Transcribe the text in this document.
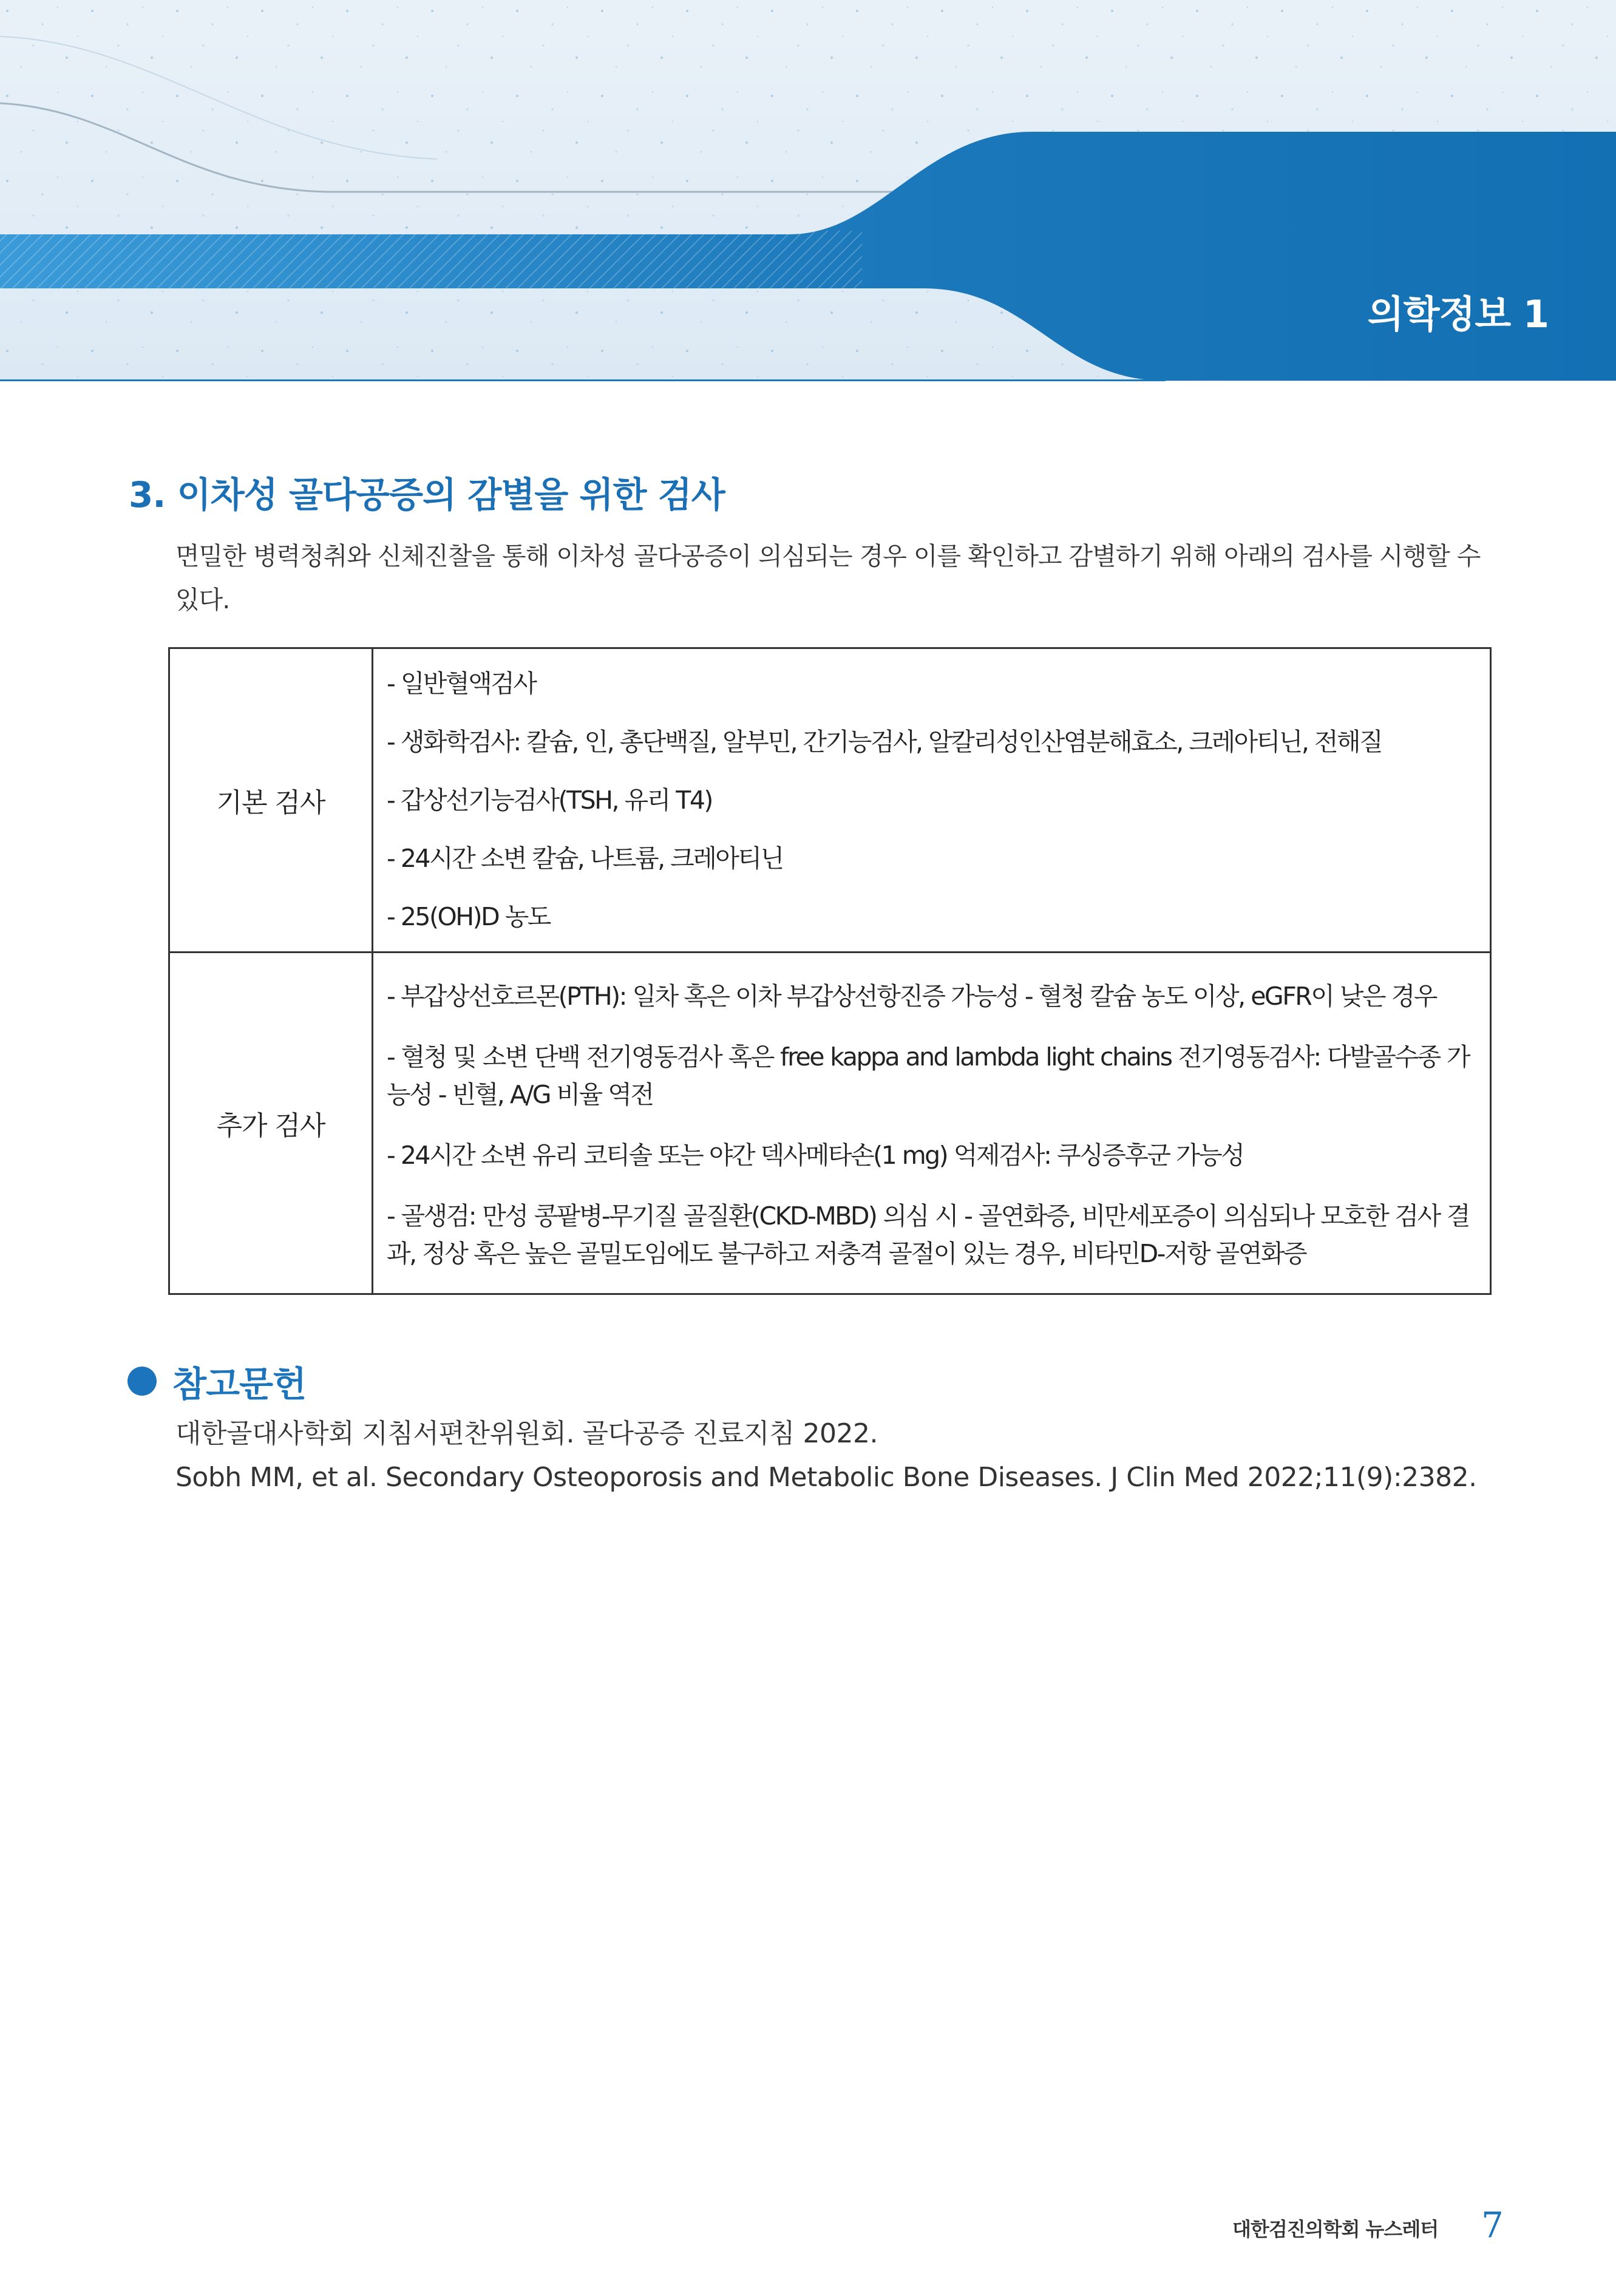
의학정보 1
3. 이차성 골다공증의 감별을 위한 검사

면밀한 병력청취와 신체진찰을 통해 이차성 골다공증이 의심되는 경우 이를 확인하고 감별하기 위해 아래의 검사를 시행할 수 있다.

기본 검사	- 일반혈액검사
- 생화학검사: 칼슘, 인, 총단백질, 알부민, 간기능검사, 알칼리성인산염분해효소, 크레아티닌, 전해질
- 갑상선기능검사(TSH, 유리 T4)
- 24시간 소변 칼슘, 나트륨, 크레아티닌
- 25(OH)D 농도

추가 검사	- 부갑상선호르몬(PTH): 일차 혹은 이차 부갑상선항진증 가능성 - 혈청 칼슘 농도 이상, eGFR이 낮은 경우
- 혈청 및 소변 단백 전기영동검사 혹은 free kappa and lambda light chains 전기영동검사: 다발골수종 가능성 - 빈혈, A/G 비율 역전
- 24시간 소변 유리 코티솔 또는 야간 덱사메타손(1 mg) 억제검사: 쿠싱증후군 가능성
- 골생검: 만성 콩팥병-무기질 골질환(CKD-MBD) 의심 시 - 골연화증, 비만세포증이 의심되나 모호한 검사 결과, 정상 혹은 높은 골밀도임에도 불구하고 저충격 골절이 있는 경우, 비타민D-저항 골연화증
참고문헌
대한골대사학회 지침서편찬위원회. 골다공증 진료지침 2022.
Sobh MM, et al. Secondary Osteoporosis and Metabolic Bone Diseases. J Clin Med 2022;11(9):2382.
대한검진의학회 뉴스레터 7
